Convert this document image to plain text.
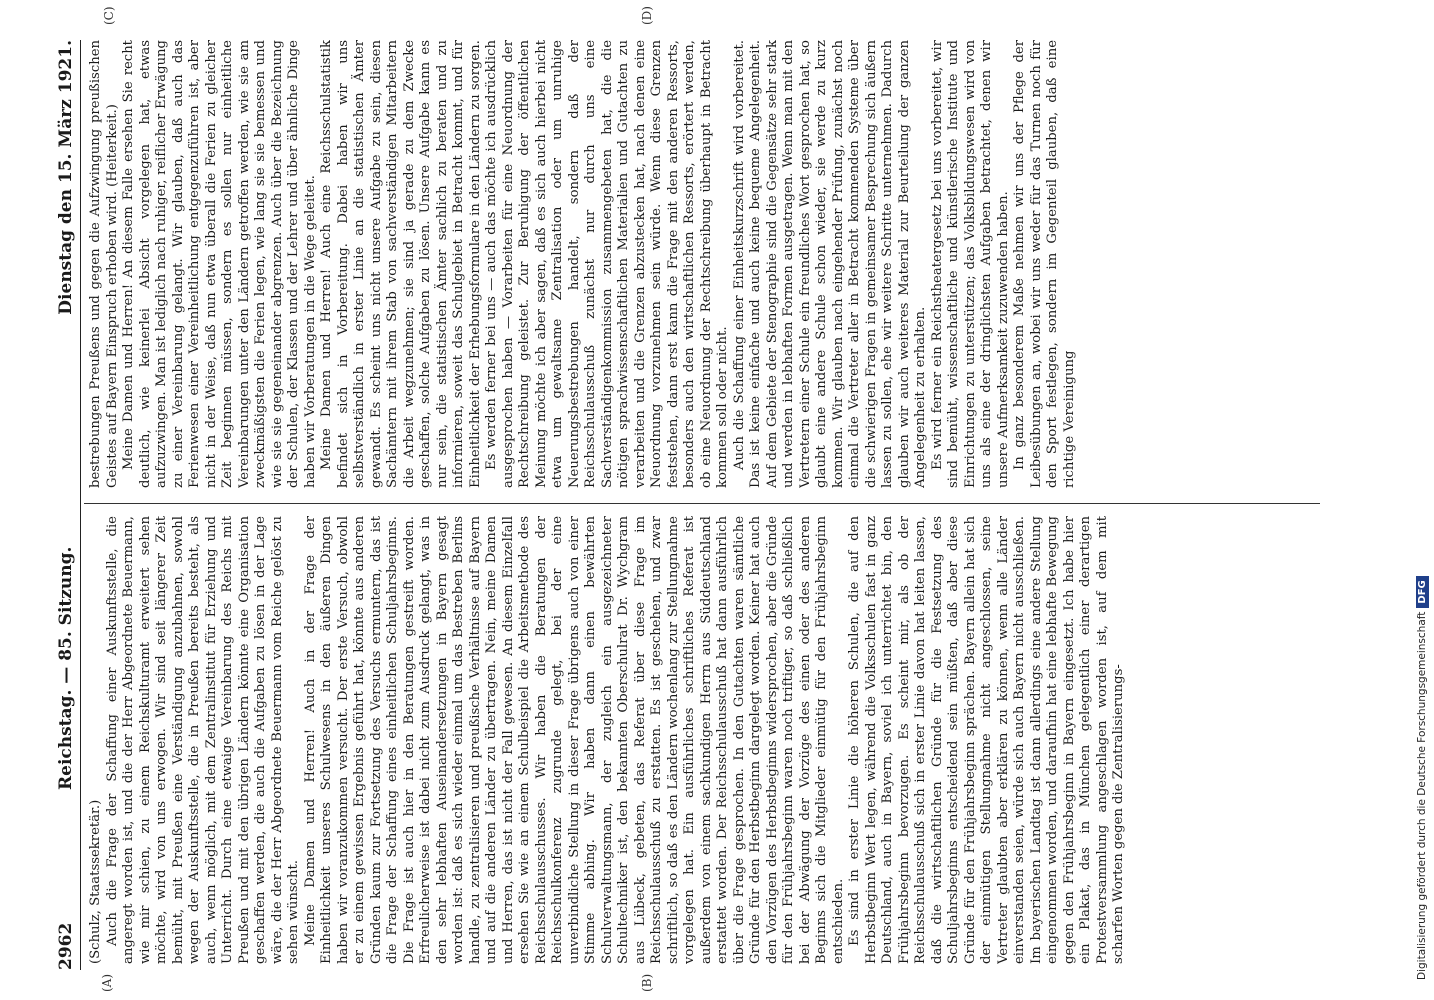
2962
Reichstag. — 85. Sitzung.
Dienstag den 15. März 1921.
(A)	(B)
(C)	(D)

(Schulz, Staatssekretär.) Auch die Frage der Schaffung einer Auskunftsstelle, die angeregt worden ist, und die der Herr Abgeordnete Beuermann, wie mir schien, zu einem Reichskulturamt erweitert sehen möchte, wird von uns erwogen. Wir sind seit längerer Zeit bemüht, mit Preußen eine Verständigung anzubahnen, sowohl wegen der Auskunftsstelle, die in Preußen bereits besteht, als auch, wenn möglich, mit dem Zentralinstitut für Erziehung und Unterricht. Durch eine etwaige Vereinbarung des Reichs mit Preußen und mit den übrigen Ländern könnte eine Organisation geschaffen werden, die auch die Aufgaben zu lösen in der Lage wäre, die der Herr Abgeordnete Beuermann vom Reiche gelöst zu sehen wünscht. Meine Damen und Herren! Auch in der Frage der Einheitlichkeit unseres Schulwesens in den äußeren Dingen haben wir voranzukommen versucht. Der erste Versuch, obwohl er zu einem gewissen Ergebnis geführt hat, könnte aus anderen Gründen kaum zur Fortsetzung des Versuchs ermuntern, das ist die Frage der Schaffung eines einheitlichen Schuljahrsbeginns. Die Frage ist auch hier in den Beratungen gestreift worden. Erfreulicherweise ist dabei nicht zum Ausdruck gelangt, was in den sehr lebhaften Auseinandersetzungen in Bayern gesagt worden ist: daß es sich wieder einmal um das Bestreben Berlins handle, zu zentralisieren und preußische Verhältnisse auf Bayern und auf die anderen Länder zu übertragen. Nein, meine Damen und Herren, das ist nicht der Fall gewesen. An diesem Einzelfall ersehen Sie wie an einem Schulbeispiel die Arbeitsmethode des Reichsschulausschusses. Wir haben die Beratungen der Reichsschulkonferenz zugrunde gelegt, bei der eine unverbindliche Stellung in dieser Frage übrigens auch von einer Stimme abhing. Wir haben dann einen bewährten Schulverwaltungsmann, der zugleich ein ausgezeichneter Schultechniker ist, den bekannten Oberschulrat Dr. Wychgram aus Lübeck, gebeten, das Referat über diese Frage im Reichsschulausschuß zu erstatten. Es ist geschehen, und zwar schriftlich, so daß es den Ländern wochenlang zur Stellungnahme vorgelegen hat. Ein ausführliches schriftliches Referat ist außerdem von einem sachkundigen Herrn aus Süddeutschland erstattet worden. Der Reichsschulausschuß hat dann ausführlich über die Frage gesprochen. In den Gutachten waren sämtliche Gründe für den Herbstbeginn dargelegt worden. Keiner hat auch den Vorzügen des Herbstbeginns widersprochen, aber die Gründe für den Frühjahrsbeginn waren noch triftiger, so daß schließlich bei der Abwägung der Vorzüge des einen oder des anderen Beginns sich die Mitglieder einmütig für den Frühjahrsbeginn entschieden. Es sind in erster Linie die höheren Schulen, die auf den Herbstbeginn Wert legen, während die Volksschulen fast in ganz Deutschland, auch in Bayern, soviel ich unterrichtet bin, den Frühjahrsbeginn bevorzugen. Es scheint mir, als ob der Reichsschulausschuß sich in erster Linie davon hat leiten lassen, daß die wirtschaftlichen Gründe für die Festsetzung des Schuljahrsbeginns entscheidend sein müßten, daß aber diese Gründe für den Frühjahrsbeginn sprächen. Bayern allein hat sich der einmütigen Stellungnahme nicht angeschlossen, seine Vertreter glaubten aber erklären zu können, wenn alle Länder einverstanden seien, würde sich auch Bayern nicht ausschließen. Im bayerischen Landtag ist dann allerdings eine andere Stellung eingenommen worden, und daraufhin hat eine lebhafte Bewegung gegen den Frühjahrsbeginn in Bayern eingesetzt. Ich habe hier ein Plakat, das in München gelegentlich einer derartigen Protestversammlung angeschlagen worden ist, auf dem mit scharfen Worten gegen die Zentralisierungs-

bestrebungen Preußens und gegen die Aufzwingung preußischen Geistes auf Bayern Einspruch erhoben wird. (Heiterkeit.) Meine Damen und Herren! An diesem Falle ersehen Sie recht deutlich, wie keinerlei Absicht vorgelegen hat, etwas aufzuzwingen. Man ist lediglich nach ruhiger, reiflicher Erwägung zu einer Vereinbarung gelangt. Wir glauben, daß auch das Ferienwesen einer Vereinheitlichung entgegenzuführen ist, aber nicht in der Weise, daß nun etwa überall die Ferien zu gleicher Zeit beginnen müssen, sondern es sollen nur einheitliche Vereinbarungen unter den Ländern getroffen werden, wie sie am zweckmäßigsten die Ferien legen, wie lang sie sie bemessen und wie sie sie gegeneinander abgrenzen. Auch über die Bezeichnung der Schulen, der Klassen und der Lehrer und über ähnliche Dinge haben wir Vorberatungen in die Wege geleitet. Meine Damen und Herren! Auch eine Reichsschulstatistik befindet sich in Vorbereitung. Dabei haben wir uns selbstverständlich in erster Linie an die statistischen Ämter gewandt. Es scheint uns nicht unsere Aufgabe zu sein, diesen Sachämtern mit ihrem Stab von sachverständigen Mitarbeitern die Arbeit wegzunehmen; sie sind ja gerade zu dem Zwecke geschaffen, solche Aufgaben zu lösen. Unsere Aufgabe kann es nur sein, die statistischen Ämter sachlich zu beraten und zu informieren, soweit das Schulgebiet in Betracht kommt, und für Einheitlichkeit der Erhebungsformulare in den Ländern zu sorgen. Es werden ferner bei uns — auch das möchte ich ausdrücklich ausgesprochen haben — Vorarbeiten für eine Neuordnung der Rechtschreibung geleistet. Zur Beruhigung der öffentlichen Meinung möchte ich aber sagen, daß es sich auch hierbei nicht etwa um gewaltsame Zentralisation oder um unruhige Neuerungsbestrebungen handelt, sondern daß der Reichsschulausschuß zunächst nur durch uns eine Sachverständigenkommission zusammengebeten hat, die die nötigen sprachwissenschaftlichen Materialien und Gutachten zu verarbeiten und die Grenzen abzustecken hat, nach denen eine Neuordnung vorzunehmen sein würde. Wenn diese Grenzen feststehen, dann erst kann die Frage mit den anderen Ressorts, besonders auch den wirtschaftlichen Ressorts, erörtert werden, ob eine Neuordnung der Rechtschreibung überhaupt in Betracht kommen soll oder nicht. Auch die Schaffung einer Einheitskurzschrift wird vorbereitet. Das ist keine einfache und auch keine bequeme Angelegenheit. Auf dem Gebiete der Stenographie sind die Gegensätze sehr stark und werden in lebhaften Formen ausgetragen. Wenn man mit den Vertretern einer Schule ein freundliches Wort gesprochen hat, so glaubt eine andere Schule schon wieder, sie werde zu kurz kommen. Wir glauben nach eingehender Prüfung, zunächst noch einmal die Vertreter aller in Betracht kommenden Systeme über die schwierigen Fragen in gemeinsamer Besprechung sich äußern lassen zu sollen, ehe wir weitere Schritte unternehmen. Dadurch glauben wir auch weiteres Material zur Beurteilung der ganzen Angelegenheit zu erhalten. Es wird ferner ein Reichstheatergesetz bei uns vorbereitet, wir sind bemüht, wissenschaftliche und künstlerische Institute und Einrichtungen zu unterstützen; das Volksbildungswesen wird von uns als eine der dringlichsten Aufgaben betrachtet, denen wir unsere Aufmerksamkeit zuzuwenden haben. In ganz besonderem Maße nehmen wir uns der Pflege der Leibesübungen an, wobei wir uns weder für das Turnen noch für den Sport festlegen, sondern im Gegenteil glauben, daß eine richtige Vereinigung

Digitalisierung gefördert durch die Deutsche Forschungsgemeinschaft
DFG
